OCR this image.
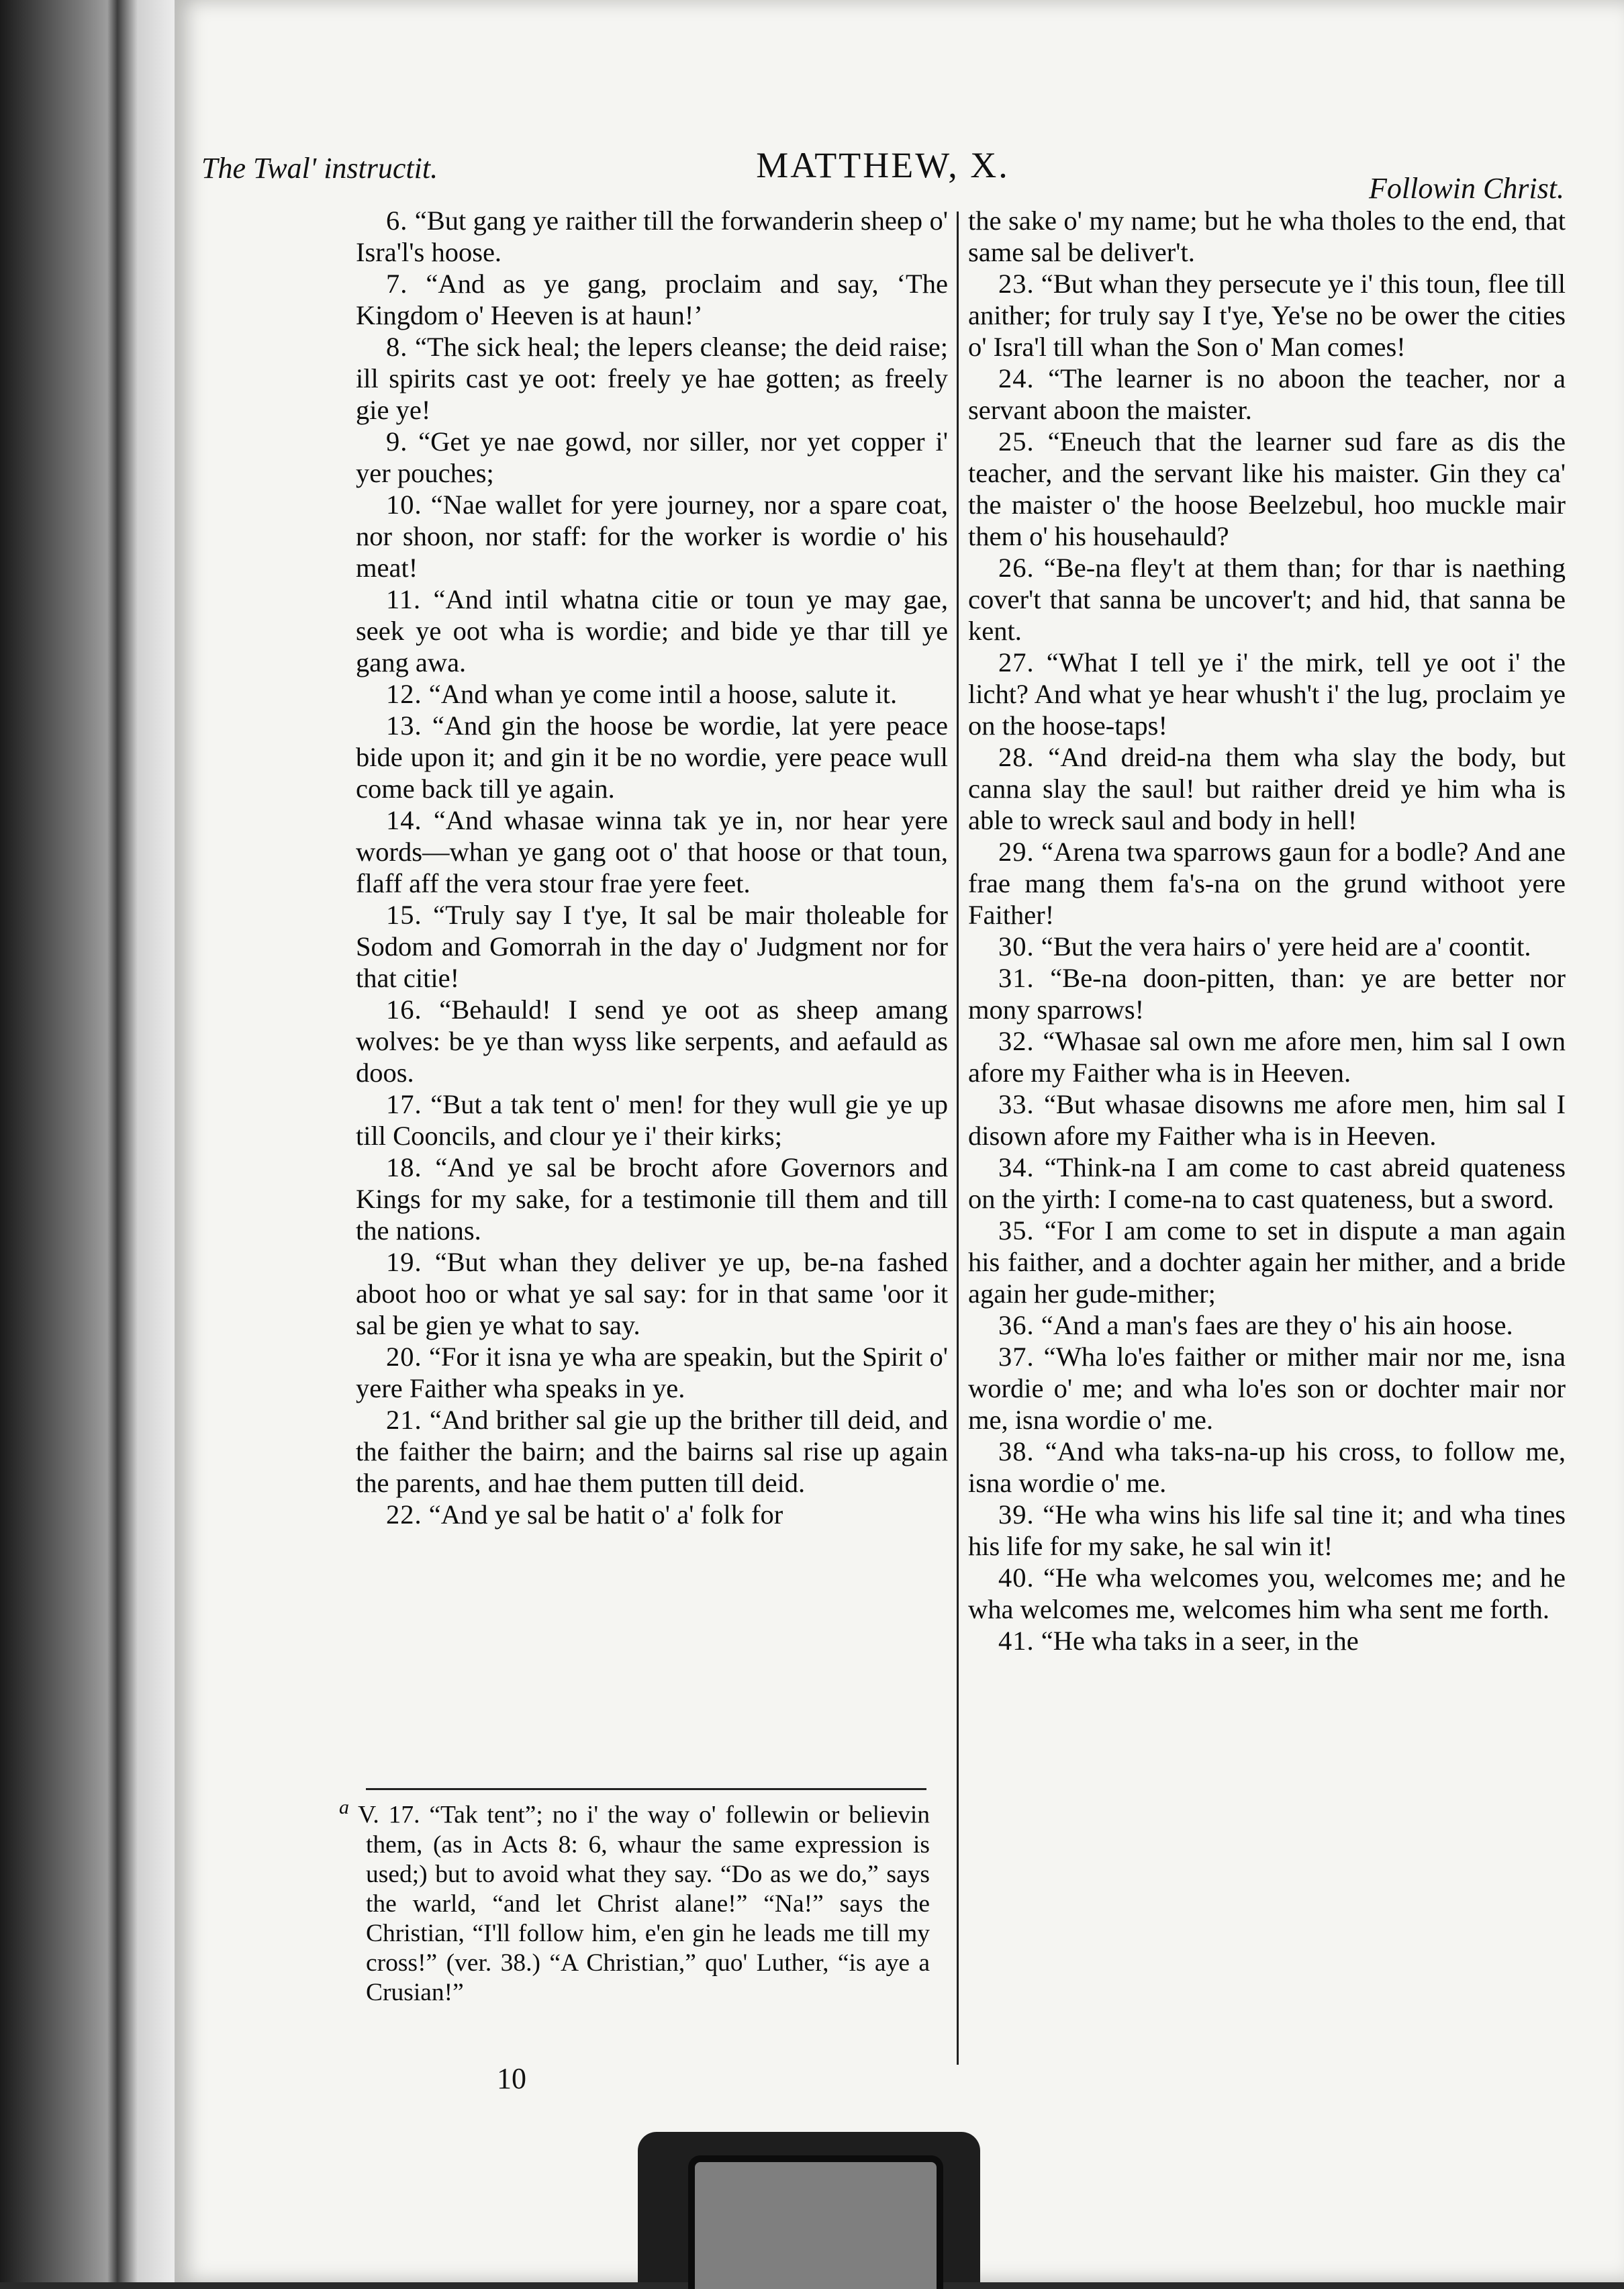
The Twal' instructit.	MATTHEW, X.
Followin Christ.

6. “But gang ye raither till the forwanderin sheep o' Isra'l's hoose.

7. “And as ye gang, proclaim and say, ‘The Kingdom o' Heeven is at haun!’

8. “The sick heal; the lepers cleanse; the deid raise; ill spirits cast ye oot: freely ye hae gotten; as freely gie ye!

9. “Get ye nae gowd, nor siller, nor yet copper i' yer pouches;

10. “Nae wallet for yere journey, nor a spare coat, nor shoon, nor staff: for the worker is wordie o' his meat!

11. “And intil whatna citie or toun ye may gae, seek ye oot wha is wordie; and bide ye thar till ye gang awa.

12. “And whan ye come intil a hoose, salute it.

13. “And gin the hoose be wordie, lat yere peace bide upon it; and gin it be no wordie, yere peace wull come back till ye again.

14. “And whasae winna tak ye in, nor hear yere words—whan ye gang oot o' that hoose or that toun, flaff aff the vera stour frae yere feet.

15. “Truly say I t'ye, It sal be mair tholeable for Sodom and Gomorrah in the day o' Judgment nor for that citie!

16. “Behauld! I send ye oot as sheep amang wolves: be ye than wyss like serpents, and aefauld as doos.

17. “But a tak tent o' men! for they wull gie ye up till Cooncils, and clour ye i' their kirks;

18. “And ye sal be brocht afore Governors and Kings for my sake, for a testimonie till them and till the nations.

19. “But whan they deliver ye up, be-na fashed aboot hoo or what ye sal say: for in that same 'oor it sal be gien ye what to say.

20. “For it isna ye wha are speakin, but the Spirit o' yere Faither wha speaks in ye.

21. “And brither sal gie up the brither till deid, and the faither the bairn; and the bairns sal rise up again the parents, and hae them putten till deid.

22. “And ye sal be hatit o' a' folk for

the sake o' my name; but he wha tholes to the end, that same sal be deliver't.

23. “But whan they persecute ye i' this toun, flee till anither; for truly say I t'ye, Ye'se no be ower the cities o' Isra'l till whan the Son o' Man comes!

24. “The learner is no aboon the teacher, nor a servant aboon the maister.

25. “Eneuch that the learner sud fare as dis the teacher, and the servant like his maister. Gin they ca' the maister o' the hoose Beelzebul, hoo muckle mair them o' his househauld?

26. “Be-na fley't at them than; for thar is naething cover't that sanna be uncover't; and hid, that sanna be kent.

27. “What I tell ye i' the mirk, tell ye oot i' the licht? And what ye hear whush't i' the lug, proclaim ye on the hoose-taps!

28. “And dreid-na them wha slay the body, but canna slay the saul! but raither dreid ye him wha is able to wreck saul and body in hell!

29. “Arena twa sparrows gaun for a bodle? And ane frae mang them fa's-na on the grund withoot yere Faither!

30. “But the vera hairs o' yere heid are a' coontit.

31. “Be-na doon-pitten, than: ye are better nor mony sparrows!

32. “Whasae sal own me afore men, him sal I own afore my Faither wha is in Heeven.

33. “But whasae disowns me afore men, him sal I disown afore my Faither wha is in Heeven.

34. “Think-na I am come to cast abreid quateness on the yirth: I come-na to cast quateness, but a sword.

35. “For I am come to set in dispute a man again his faither, and a dochter again her mither, and a bride again her gude-mither;

36. “And a man's faes are they o' his ain hoose.

37. “Wha lo'es faither or mither mair nor me, isna wordie o' me; and wha lo'es son or dochter mair nor me, isna wordie o' me.

38. “And wha taks-na-up his cross, to follow me, isna wordie o' me.

39. “He wha wins his life sal tine it; and wha tines his life for my sake, he sal win it!

40. “He wha welcomes you, welcomes me; and he wha welcomes me, welcomes him wha sent me forth.

41. “He wha taks in a seer, in the

$^a$ V. 17. “Tak tent”; no i' the way o' follewin or believin them, (as in Acts 8: 6, whaur the same expression is used;) but to avoid what they say. “Do as we do,” says the warld, “and let Christ alane!” “Na!” says the Christian, “I'll follow him, e'en gin he leads me till my cross!” (ver. 38.) “A Christian,” quo' Luther, “is aye a Crusian!”

10
